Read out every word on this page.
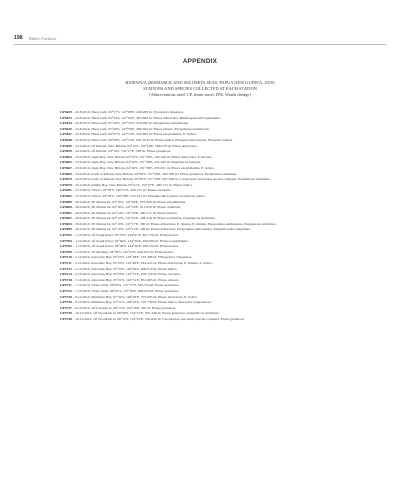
198 Walter Cardoso
APPENDIX
BIOPAPUA (BISMARCK AND SOLOMON SEAS, PAPUA NEW GUINEA, 2010)
STATIONS AND SPECIES COLLECTED AT EACH STATION
[Abbreviations used: CP, beam trawl; DW, Warén dredge]

CP3629 – 22.8.2010, Huon Gulf, 06°57'S, 147°08'E, 240-289 m: Pyrospirax bispinosa.

CP3633 – 22.8.2010, Huon Gulf, 06°54'S, 147°05'E, 395-806 m: Ebusa abbreviata, Bhadrospina microphthalma.

CP3634 – 23.8.2010, Huon Gulf, 07°29'S, 147°31'E, 279-290 m: Parapolistes unidentatus.

CP3635 – 23.8.2010, Huon Gulf, 07°29'S, 147°33'E, 280-302 m: Ebusa hirsuta, Parapolistes unidentatus.

CP3647 – 25.8.2010, Huon Gulf, 06°07'S, 147°12'E, 592-660 m: Ebusa exophthalma, E. indica.

CP3648 – 25.8.2010, Huon Gulf, 06°08'S, 147°14'E, 602-1032 m: Ebusa indica, Ebusinus micropterus, Ebusinus robusta.

CP3656 – 22.9.2010, off Rabaul, New Britain, 04°19'S, 152°19'E, 266-279 m: Ebusa abbreviata.

CP3659 – 22.9.2010, off Rabaul, 04°54'S, 152°17'E, 338 m: Ebusa granulosa.

CP3664 – 23.9.2010, Open Bay, New Britain, 04°50'S, 151°39'E, 195-340 m: Ebusa abbreviata, E. hirsuta.

CP3665 – 23.9.2010, Open Bay, New Britain, 04°50'S, 151°38'E, 225-340 m: Paspheticus insignis.

CP3667 – 23.9.2010, Open Bay, New Britain, 04°49'S, 151°36'E, 670-931 m: Ebusa exophthalma, E. indica.

CP3669 – 24.9.2010, north of Rabaul, New Britain, 04°08'S, 151°56'E, 382-389 m: Ebusa granulosa, Paspheticus stridulans.

CP3670 – 24.9.2010, north of Rabaul, New Britain, 04°06'S, 151°56'E, 497-500 m: Carcinoplax specularis species complex, Paspheticus stridulans.

CP3679 – 25.9.2010, Kimbe Bay, New Britain, 05°21'S, 150°07'E, 490-715 m: Ebusa indica.

CP3681 – 27.9.2010, Vitu Is, 04°38'S, 149°27'E, 490-715 m: Ebusa orientalis.

CP3682 – 27.9.2010, Vitu Is, 04°38'S, 149°28'E, 515-612 m: Ebusinus micropterus, Pantiboasi glabra.

CP3689 – 29.9.2010, SE Manus Isl, 02°16'S, 147°29'E, 679-685 m: Ebusa exophthalma.

CP3690 – 29.9.2010, SE Manus Isl, 02°16'S, 147°16'E, 611-618 m: Ebusa orientalis.

CP3691 – 29.9.2010, SE Manus Isl, 02°14'S, 147°18'E, 490-517 m: Ebusa hirsuta.

CP3692 – 29.9.2010, SE Manus Isl, 02°12'S, 147°19'E, 408-418 m: Ebusa sordentata, Paspheticus stridulans.

CP3693 – 29.9.2010, SE Manus Isl, 02°10'S, 147°17'E, 300 m: Ebusa abbreviata, E. hirsuta, E. minuta, Parapolistes unidentatus, Paspheticus stridulans.

CP3695 – 29.9.2010, SE Manus Isl, 02°10'S, 147°15'E, 198 m: Ebusa abbreviata, Parapolistes ambonensis, Paspheticoides sanguinea.

CP3703 – 1.10.2010, off Sepik River, 03°53'S, 144°41'E, 461-750 m: Ebusa indica.

CP3704 – 1.10.2010, off Sepik River, 03°49'S, 144°39'E, 400-656 m: Ebusa exophthalma.

CP3705 – 1.10.2010, off Sepik River, 03°48'S, 144°36'E, 280-550 m: Ebusa indica.

CP3709 – 2.10.2010, off Madang, 04°58'S, 145°52'E, 640-675 m: Ebusa indica.

CP3710 – 5.10.2010, Astrolabe Bay, 05°22'S, 145°48'E, 372-386 m: Hilropolisci visteeniera.

CP3711 – 5.10.2010, Astrolabe Bay, 05°23'S, 145°48'E, 434-447 m: Ebusa abbreviata, E. hirsuta, E. indica.

CP3713 – 5.10.2010, Astrolabe Bay, 05°23'S, 145°50'E, 608-610 m: Ebusa indica.

CP3714 – 5.10.2010, Astrolabe Bay, 05°20'S, 145°51'E, 676-720 m: Ebusa curvipes.

CP3718 – 7.10.2010, Astrolabe Bay, 05°21'S, 145°51'E, 851-865 m: Ebusa robusta.

CP3721 – 7.10.2010, Vitiaz Strait, 06°05'S, 147°37'E, 542-554 m: Ebusa granulosa.

CP3722 – 7.10.2010, Vitiaz Strait, 06°01'S, 147°36'E, 608-625 m: Ebusa granulosa.

CP3729 – 8.10.2010, Mambare Bay, 07°32'S, 148°03'E, 575-635 m: Ebusa abbreviata, E. indica.

CP3730 – 8.10.2010, Mambare Bay, 07°51'S, 148°01'E, 710-730 m: Ebusa indica, Mesoplax longispinosa.

CP3737 – 9.10.2010, off Lasanay Is, 08°15'S, 150°45'E, 587 m: Ebusa granulosa.

CP3739 – 10.10.2010, off Woodlark Is, 09°09'S, 152°15'E, 305-346 m: Ebusa granulosa, Paspheticus stridulans.

CP3740 – 10.10.2010, off Woodlark Is, 09°12'S, 152°16'E, 556-645 m: Carcinoplax specularis species complex, Ebusa granulosa.
